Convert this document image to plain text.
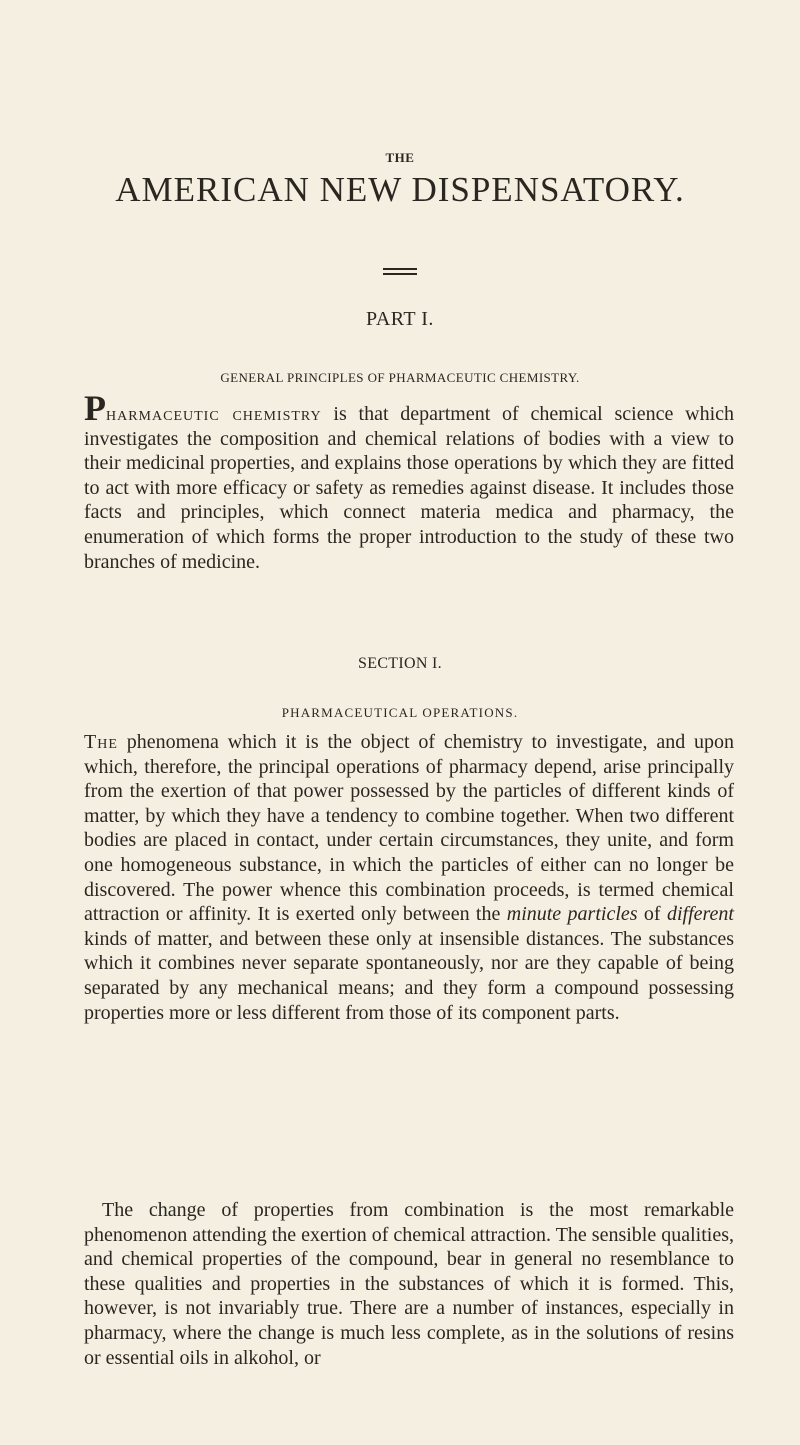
THE
AMERICAN NEW DISPENSATORY.
PART I.
GENERAL PRINCIPLES OF PHARMACEUTIC CHEMISTRY.

Pharmaceutic chemistry is that department of chemical science which investigates the composition and chemical relations of bodies with a view to their medicinal properties, and explains those operations by which they are fitted to act with more efficacy or safety as remedies against disease. It includes those facts and principles, which connect materia medica and pharmacy, the enumeration of which forms the proper introduction to the study of these two branches of medicine.

SECTION I.
PHARMACEUTICAL OPERATIONS.

The phenomena which it is the object of chemistry to investigate, and upon which, therefore, the principal operations of pharmacy depend, arise principally from the exertion of that power possessed by the particles of different kinds of matter, by which they have a tendency to combine together. When two different bodies are placed in contact, under certain circumstances, they unite, and form one homogeneous substance, in which the particles of either can no longer be discovered. The power whence this combination proceeds, is termed chemical attraction or affinity. It is exerted only between the minute particles of different kinds of matter, and between these only at insensible distances. The substances which it combines never separate spontaneously, nor are they capable of being separated by any mechanical means; and they form a compound possessing properties more or less different from those of its component parts.

The change of properties from combination is the most remarkable phenomenon attending the exertion of chemical attraction. The sensible qualities, and chemical properties of the compound, bear in general no resemblance to these qualities and properties in the substances of which it is formed. This, however, is not invariably true. There are a number of instances, especially in pharmacy, where the change is much less complete, as in the solutions of resins or essential oils in alkohol, or
